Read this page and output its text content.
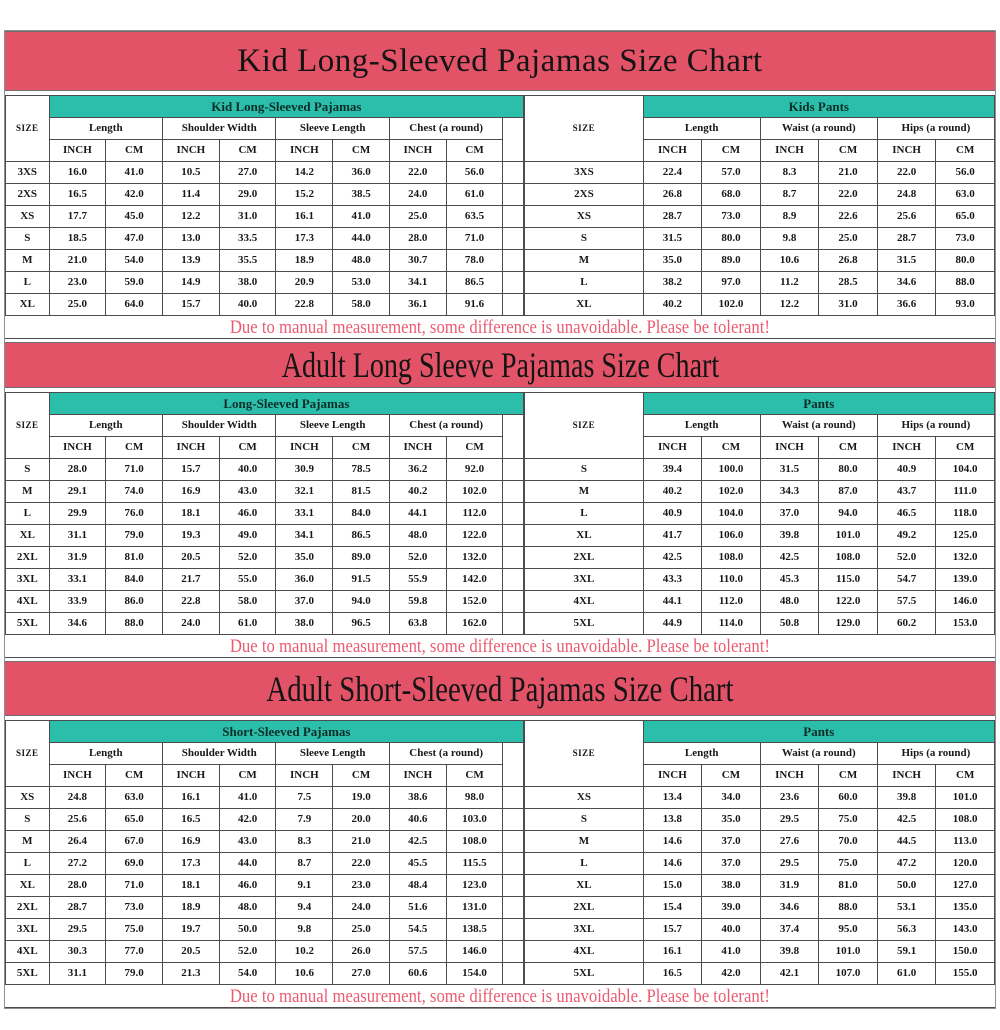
Kid Long-Sleeved Pajamas Size Chart
SIZE	Kid Long-Sleeved Pajamas								
	Length		Shoulder Width		Sleeve Length		Chest (a round)		
	INCH	CM	INCH	CM	INCH	CM	INCH	CM	
3XS	16.0	41.0	10.5	27.0	14.2	36.0	22.0	56.0	
2XS	16.5	42.0	11.4	29.0	15.2	38.5	24.0	61.0	
XS	17.7	45.0	12.2	31.0	16.1	41.0	25.0	63.5	
S	18.5	47.0	13.0	33.5	17.3	44.0	28.0	71.0	
M	21.0	54.0	13.9	35.5	18.9	48.0	30.7	78.0	
L	23.0	59.0	14.9	38.0	20.9	53.0	34.1	86.5	
XL	25.0	64.0	15.7	40.0	22.8	58.0	36.1	91.6	
SIZE	Kids Pants					
	Length		Waist (a round)		Hips (a round)	
	INCH	CM	INCH	CM	INCH	CM
3XS	22.4	57.0	8.3	21.0	22.0	56.0
2XS	26.8	68.0	8.7	22.0	24.8	63.0
XS	28.7	73.0	8.9	22.6	25.6	65.0
S	31.5	80.0	9.8	25.0	28.7	73.0
M	35.0	89.0	10.6	26.8	31.5	80.0
L	38.2	97.0	11.2	28.5	34.6	88.0
XL	40.2	102.0	12.2	31.0	36.6	93.0
Due to manual measurement, some difference is unavoidable. Please be tolerant!
Adult Long Sleeve Pajamas Size Chart
SIZE	Long-Sleeved Pajamas								
	Length		Shoulder Width		Sleeve Length		Chest (a round)		
	INCH	CM	INCH	CM	INCH	CM	INCH	CM	
S	28.0	71.0	15.7	40.0	30.9	78.5	36.2	92.0	
M	29.1	74.0	16.9	43.0	32.1	81.5	40.2	102.0	
L	29.9	76.0	18.1	46.0	33.1	84.0	44.1	112.0	
XL	31.1	79.0	19.3	49.0	34.1	86.5	48.0	122.0	
2XL	31.9	81.0	20.5	52.0	35.0	89.0	52.0	132.0	
3XL	33.1	84.0	21.7	55.0	36.0	91.5	55.9	142.0	
4XL	33.9	86.0	22.8	58.0	37.0	94.0	59.8	152.0	
5XL	34.6	88.0	24.0	61.0	38.0	96.5	63.8	162.0	
SIZE	Pants					
	Length		Waist (a round)		Hips (a round)	
	INCH	CM	INCH	CM	INCH	CM
S	39.4	100.0	31.5	80.0	40.9	104.0
M	40.2	102.0	34.3	87.0	43.7	111.0
L	40.9	104.0	37.0	94.0	46.5	118.0
XL	41.7	106.0	39.8	101.0	49.2	125.0
2XL	42.5	108.0	42.5	108.0	52.0	132.0
3XL	43.3	110.0	45.3	115.0	54.7	139.0
4XL	44.1	112.0	48.0	122.0	57.5	146.0
5XL	44.9	114.0	50.8	129.0	60.2	153.0
Due to manual measurement, some difference is unavoidable. Please be tolerant!
Adult Short-Sleeved Pajamas Size Chart
SIZE	Short-Sleeved Pajamas								
	Length		Shoulder Width		Sleeve Length		Chest (a round)		
	INCH	CM	INCH	CM	INCH	CM	INCH	CM	
XS	24.8	63.0	16.1	41.0	7.5	19.0	38.6	98.0	
S	25.6	65.0	16.5	42.0	7.9	20.0	40.6	103.0	
M	26.4	67.0	16.9	43.0	8.3	21.0	42.5	108.0	
L	27.2	69.0	17.3	44.0	8.7	22.0	45.5	115.5	
XL	28.0	71.0	18.1	46.0	9.1	23.0	48.4	123.0	
2XL	28.7	73.0	18.9	48.0	9.4	24.0	51.6	131.0	
3XL	29.5	75.0	19.7	50.0	9.8	25.0	54.5	138.5	
4XL	30.3	77.0	20.5	52.0	10.2	26.0	57.5	146.0	
5XL	31.1	79.0	21.3	54.0	10.6	27.0	60.6	154.0	
SIZE	Pants					
	Length		Waist (a round)		Hips (a round)	
	INCH	CM	INCH	CM	INCH	CM
XS	13.4	34.0	23.6	60.0	39.8	101.0
S	13.8	35.0	29.5	75.0	42.5	108.0
M	14.6	37.0	27.6	70.0	44.5	113.0
L	14.6	37.0	29.5	75.0	47.2	120.0
XL	15.0	38.0	31.9	81.0	50.0	127.0
2XL	15.4	39.0	34.6	88.0	53.1	135.0
3XL	15.7	40.0	37.4	95.0	56.3	143.0
4XL	16.1	41.0	39.8	101.0	59.1	150.0
5XL	16.5	42.0	42.1	107.0	61.0	155.0
Due to manual measurement, some difference is unavoidable. Please be tolerant!
